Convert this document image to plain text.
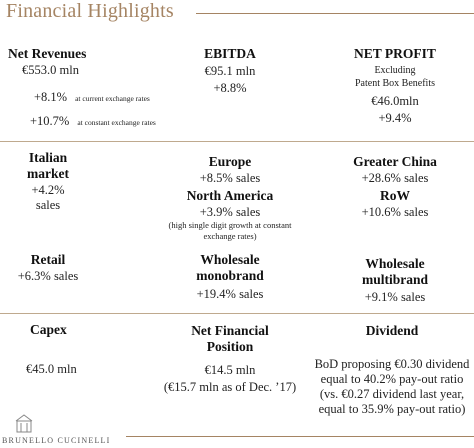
Financial Highlights
Net Revenues
€553.0 mln
+8.1% at current exchange rates
+10.7% at constant exchange rates
EBITDA
€95.1 mln
+8.8%
NET PROFIT
Excluding
Patent Box Benefits
€46.0mln
+9.4%
Italian
market
+4.2%
sales
Europe
+8.5% sales
North America
+3.9% sales
(high single digit growth at constant
exchange rates)
Greater China
+28.6% sales
RoW
+10.6% sales
Retail
+6.3% sales
Wholesale
monobrand
+19.4% sales
Wholesale
multibrand
+9.1% sales
Capex
€45.0 mln
Net Financial
Position
€14.5 mln
(€15.7 mln as of Dec. ’17)
Dividend
BoD proposing €0.30 dividend
equal to 40.2% pay-out ratio
(vs. €0.27 dividend last year,
equal to 35.9% pay-out ratio)
BRUNELLO CUCINELLI
